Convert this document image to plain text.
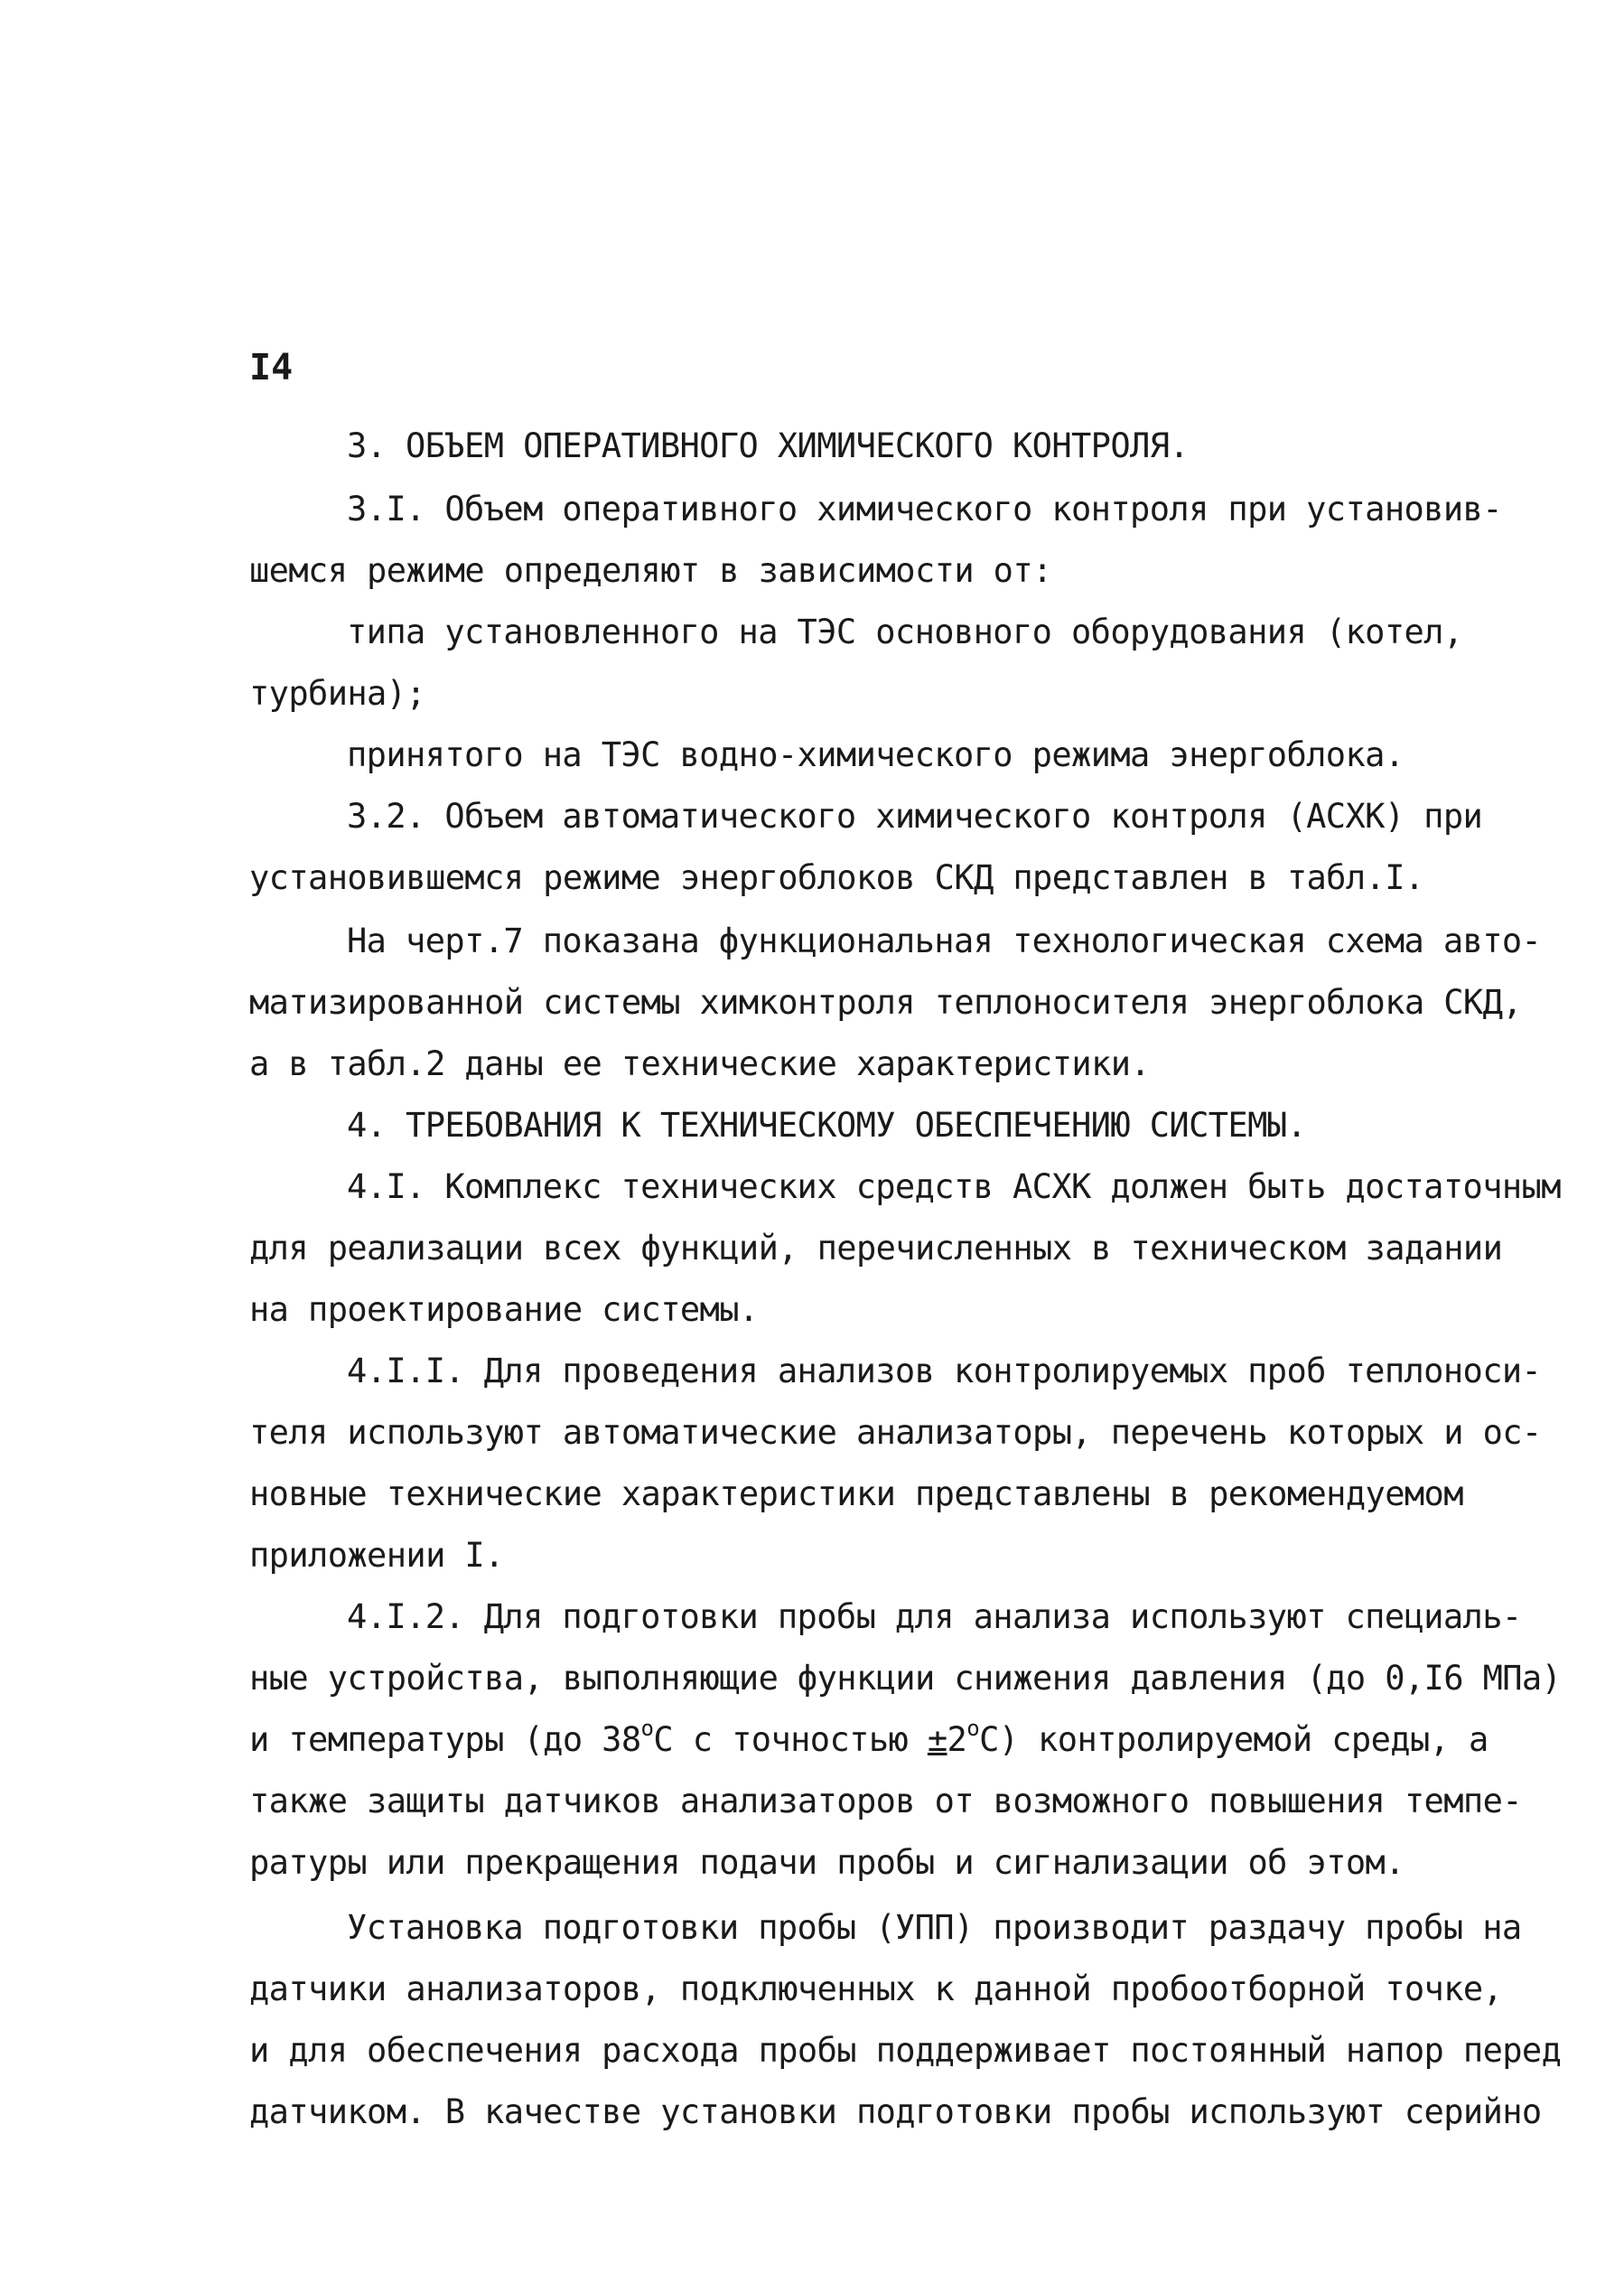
I4
3. ОБЪЕМ ОПЕРАТИВНОГО ХИМИЧЕСКОГО КОНТРОЛЯ.
3.I. Объем оперативного химического контроля при установив-
шемся режиме определяют в зависимости от:
типа установленного на ТЭС основного оборудования (котел,
турбина);
принятого на ТЭС водно-химического режима энергоблока.
3.2. Объем автоматического химического контроля (АСХК) при
установившемся режиме энергоблоков СКД представлен в табл.I.
На черт.7 показана функциональная технологическая схема авто-
матизированной системы химконтроля теплоносителя энергоблока СКД,
а в табл.2 даны ее технические характеристики.
4. ТРЕБОВАНИЯ К ТЕХНИЧЕСКОМУ ОБЕСПЕЧЕНИЮ СИСТЕМЫ.
4.I. Комплекс технических средств АСХК должен быть достаточным
для реализации всех функций, перечисленных в техническом задании
на проектирование системы.
4.I.I. Для проведения анализов контролируемых проб теплоноси-
теля используют автоматические анализаторы, перечень которых и ос-
новные технические характеристики представлены в рекомендуемом
приложении I.
4.I.2. Для подготовки пробы для анализа используют специаль-
ные устройства, выполняющие функции снижения давления (до 0,I6 МПа)
и температуры (до $38^оС$ с точностью $\pm 2^оС$) контролируемой среды, а
также защиты датчиков анализаторов от возможного повышения темпе-
ратуры или прекращения подачи пробы и сигнализации об этом.
Установка подготовки пробы (УПП) производит раздачу пробы на
датчики анализаторов, подключенных к данной пробоотборной точке,
и для обеспечения расхода пробы поддерживает постоянный напор перед
датчиком. В качестве установки подготовки пробы используют серийно
